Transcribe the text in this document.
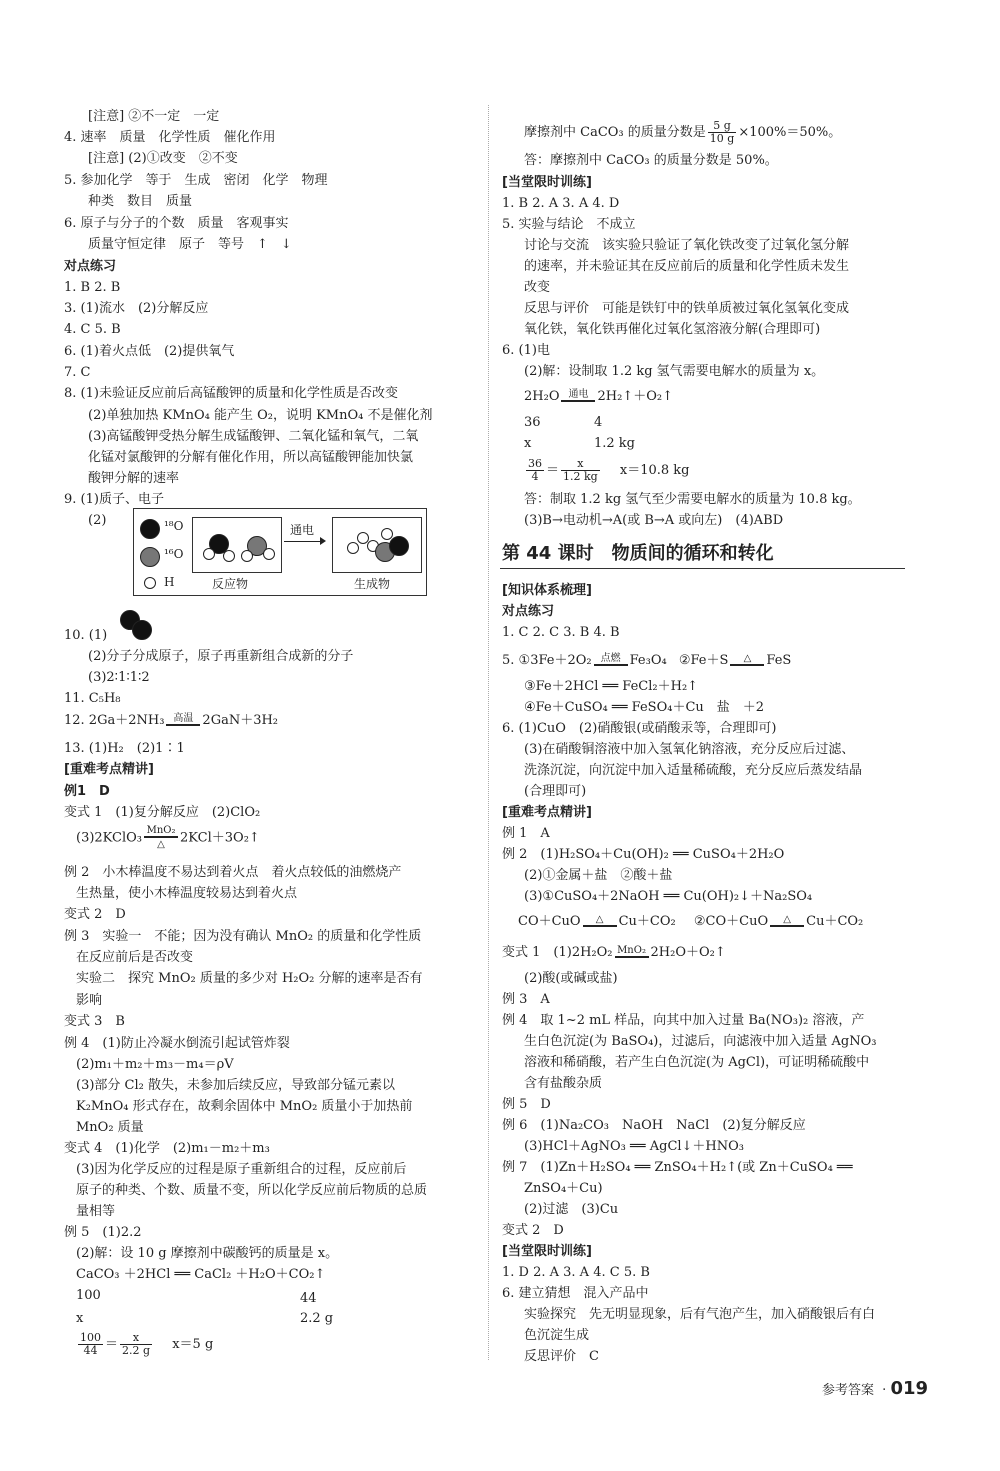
[注意] ②不一定　一定
4. 速率　质量　化学性质　催化作用
[注意] (2)①改变　②不变
5. 参加化学　等于　生成　密闭　化学　物理
种类　数目　质量
6. 原子与分子的个数　质量　客观事实
质量守恒定律　原子　等号　↑　↓
对点练习
1. B 2. B
3. (1)流水　(2)分解反应
4. C 5. B
6. (1)着火点低　(2)提供氧气
7. C
8. (1)未验证反应前后高锰酸钾的质量和化学性质是否改变
(2)单独加热 KMnO₄ 能产生 O₂，说明 KMnO₄ 不是催化剂
(3)高锰酸钾受热分解生成锰酸钾、二氧化锰和氧气，二氧
化锰对氯酸钾的分解有催化作用，所以高锰酸钾能加快氯
酸钾分解的速率
9. (1)质子、电子
(2)
10. (1)
(2)分子分成原子，原子再重新组合成新的分子
(3)2∶1∶1∶2
11. C₅H₈
12. 2Ga＋2NH₃ 高温 2GaN＋3H₂
13. (1)H₂　(2)1∶1
[重难考点精讲]
例1　D
变式 1　(1)复分解反应　(2)ClO₂
(3)2KClO₃ MnO₂
△	2KCl＋3O₂↑
例 2　小木棒温度不易达到着火点　着火点较低的油燃烧产
生热量，使小木棒温度较易达到着火点
变式 2　D
例 3　实验一　不能；因为没有确认 MnO₂ 的质量和化学性质
在反应前后是否改变
实验二　探究 MnO₂ 质量的多少对 H₂O₂ 分解的速率是否有
影响
变式 3　B
例 4　(1)防止冷凝水倒流引起试管炸裂
(2)m₁＋m₂＋m₃－m₄＝ρV
(3)部分 Cl₂ 散失，未参加后续反应，导致部分锰元素以
K₂MnO₄ 形式存在，故剩余固体中 MnO₂ 质量小于加热前
MnO₂ 质量
变式 4　(1)化学　(2)m₁－m₂＋m₃
(3)因为化学反应的过程是原子重新组合的过程，反应前后
原子的种类、个数、质量不变，所以化学反应前后物质的总质
量相等
例 5　(1)2.2
(2)解：设 10 g 摩擦剂中碳酸钙的质量是 x。
CaCO₃ ＋2HCl ══ CaCl₂ ＋H₂O＋CO₂↑
100	44
x	2.2 g
$\frac{100}{44} = \frac{x}{2.2 g} x=5$ g
¹⁸O
¹⁶O
H	反应物
通电
生成物
摩擦剂中 CaCO₃ 的质量分数是 $\frac{5 g}{10 g} \times 100\%=50\%$。
答：摩擦剂中 CaCO₃ 的质量分数是 50%。
[当堂限时训练]
1. B 2. A 3. A 4. D
5. 实验与结论　不成立
讨论与交流　该实验只验证了氧化铁改变了过氧化氢分解
的速率，并未验证其在反应前后的质量和化学性质未发生
改变
反思与评价　可能是铁钉中的铁单质被过氧化氢氧化变成
氧化铁，氧化铁再催化过氧化氢溶液分解(合理即可)
6. (1)电
(2)解：设制取 1.2 kg 氢气需要电解水的质量为 x。
2H₂O 通电 2H₂↑＋O₂↑
36	4
x	1.2 kg
$\frac{36}{4} = \frac{x}{1.2 kg} x=10.8$ kg
答：制取 1.2 kg 氢气至少需要电解水的质量为 10.8 kg。
(3)B→电动机→A(或 B→A 或向左)　(4)ABD
第 44 课时　物质间的循环和转化
[知识体系梳理]
对点练习
1. C 2. C 3. B 4. B
5. ①3Fe＋2O₂ 点燃 Fe₃O₄ ②Fe＋S	△	FeS
③Fe＋2HCl ══ FeCl₂＋H₂↑
④Fe＋CuSO₄ ══ FeSO₄＋Cu　盐　＋2
6. (1)CuO　(2)硝酸银(或硝酸汞等，合理即可)
(3)在硝酸铜溶液中加入氢氧化钠溶液，充分反应后过滤、
洗涤沉淀，向沉淀中加入适量稀硫酸，充分反应后蒸发结晶
(合理即可)
[重难考点精讲]
例 1　A
例 2　(1)H₂SO₄＋Cu(OH)₂ ══ CuSO₄＋2H₂O
(2)①金属＋盐　②酸＋盐
(3)①CuSO₄＋2NaOH ══ Cu(OH)₂↓＋Na₂SO₄
CO＋CuO	△	Cu＋CO₂ ②CO＋CuO	△	Cu＋CO₂
变式 1　(1)2H₂O₂ MnO₂ 2H₂O＋O₂↑
(2)酸(或碱或盐)
例 3　A
例 4　取 1~2 mL 样品，向其中加入过量 Ba(NO₃)₂ 溶液，产
生白色沉淀(为 BaSO₄)，过滤后，向滤液中加入适量 AgNO₃
溶液和稀硝酸，若产生白色沉淀(为 AgCl)，可证明稀硫酸中
含有盐酸杂质
例 5　D
例 6　(1)Na₂CO₃　NaOH　NaCl　(2)复分解反应
(3)HCl＋AgNO₃ ══ AgCl↓＋HNO₃
例 7　(1)Zn＋H₂SO₄ ══ ZnSO₄＋H₂↑(或 Zn＋CuSO₄ ══
ZnSO₄＋Cu)
(2)过滤　(3)Cu
变式 2　D
[当堂限时训练]
1. D 2. A 3. A 4. C 5. B
6. 建立猜想　混入产品中
实验探究　先无明显现象，后有气泡产生，加入硝酸银后有白
色沉淀生成
反思评价　C
参考答案 · 019
